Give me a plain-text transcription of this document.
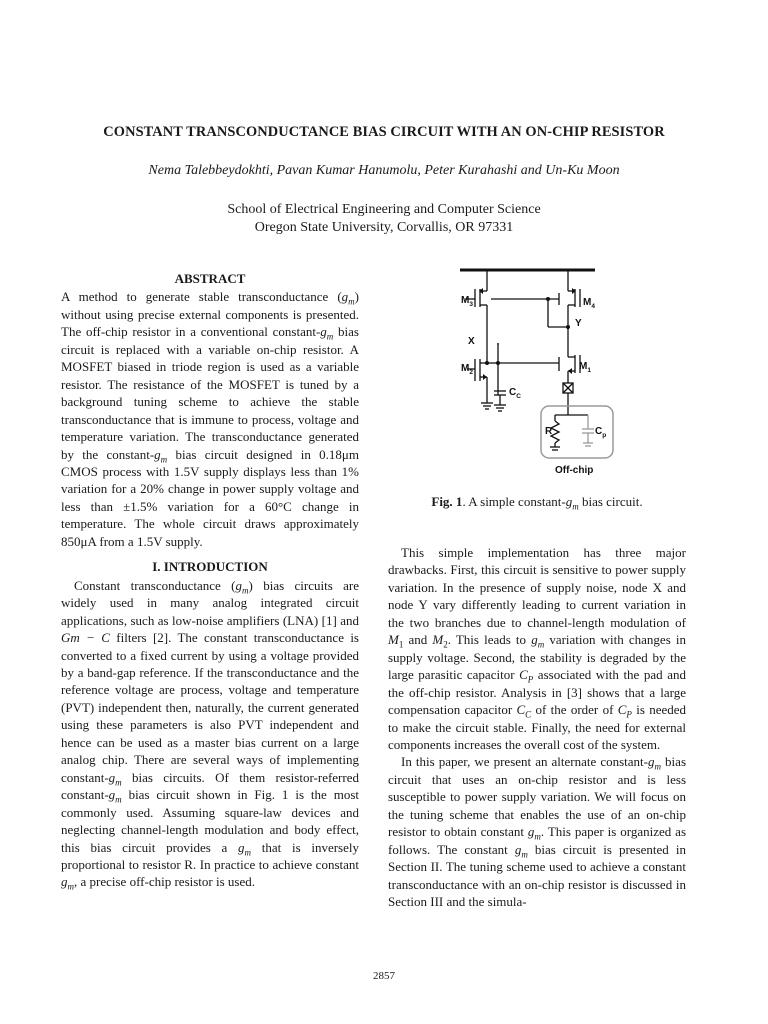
CONSTANT TRANSCONDUCTANCE BIAS CIRCUIT WITH AN ON-CHIP RESISTOR
Nema Talebbeydokhti, Pavan Kumar Hanumolu, Peter Kurahashi and Un-Ku Moon
School of Electrical Engineering and Computer Science
Oregon State University, Corvallis, OR 97331

ABSTRACT

A method to generate stable transconductance $(g_m)$ without using precise external components is presented. The off-chip resistor in a conventional constant-$g_m$ bias circuit is replaced with a variable on-chip resistor. A MOSFET biased in triode region is used as a variable resistor. The resistance of the MOSFET is tuned by a background tuning scheme to achieve the stable transconductance that is immune to process, voltage and temperature variation. The transconductance generated by the constant-$g_m$ bias circuit designed in 0.18μm CMOS process with 1.5V supply displays less than 1% variation for a 20% change in power supply voltage and less than ±1.5% variation for a 60°C change in temperature. The whole circuit draws approximately 850μA from a 1.5V supply.

I. INTRODUCTION

Constant transconductance $(g_m)$ bias circuits are widely used in many analog integrated circuit applications, such as low-noise amplifiers (LNA) [1] and Gm − C filters [2]. The constant transconductance is converted to a fixed current by using a voltage provided by a band-gap reference. If the transconductance and the reference voltage are process, voltage and temperature (PVT) independent then, naturally, the current generated using these parameters is also PVT independent and hence can be used as a master bias current on a large analog chip. There are several ways of implementing constant-$g_m$ bias circuits. Of them resistor-referred constant-$g_m$ bias circuit shown in Fig. 1 is the most commonly used. Assuming square-law devices and neglecting channel-length modulation and body effect, this bias circuit provides a $g_m$ that is inversely proportional to resistor R. In practice to achieve constant $g_m$, a precise off-chip resistor is used.

$M_3$	$M_4$
Y
X
$M_2$
$M_1$
$C_C$
R	$C_p$
Off-chip
Fig. 1. A simple constant-$g_m$ bias circuit.

This simple implementation has three major drawbacks. First, this circuit is sensitive to power supply variation. In the presence of supply noise, node X and node Y vary differently leading to current variation in the two branches due to channel-length modulation of $M_1$ and $M_2$. This leads to $g_m$ variation with changes in supply voltage. Second, the stability is degraded by the large parasitic capacitor $C_P$ associated with the pad and the off-chip resistor. Analysis in [3] shows that a large compensation capacitor $C_C$ of the order of $C_P$ is needed to make the circuit stable. Finally, the need for external components increases the overall cost of the system.

In this paper, we present an alternate constant-$g_m$ bias circuit that uses an on-chip resistor and is less susceptible to power supply variation. We will focus on the tuning scheme that enables the use of an on-chip resistor to obtain constant $g_m$. This paper is organized as follows. The constant $g_m$ bias circuit is presented in Section II. The tuning scheme used to achieve a constant transconductance with an on-chip resistor is discussed in Section III and the simula-

2857
